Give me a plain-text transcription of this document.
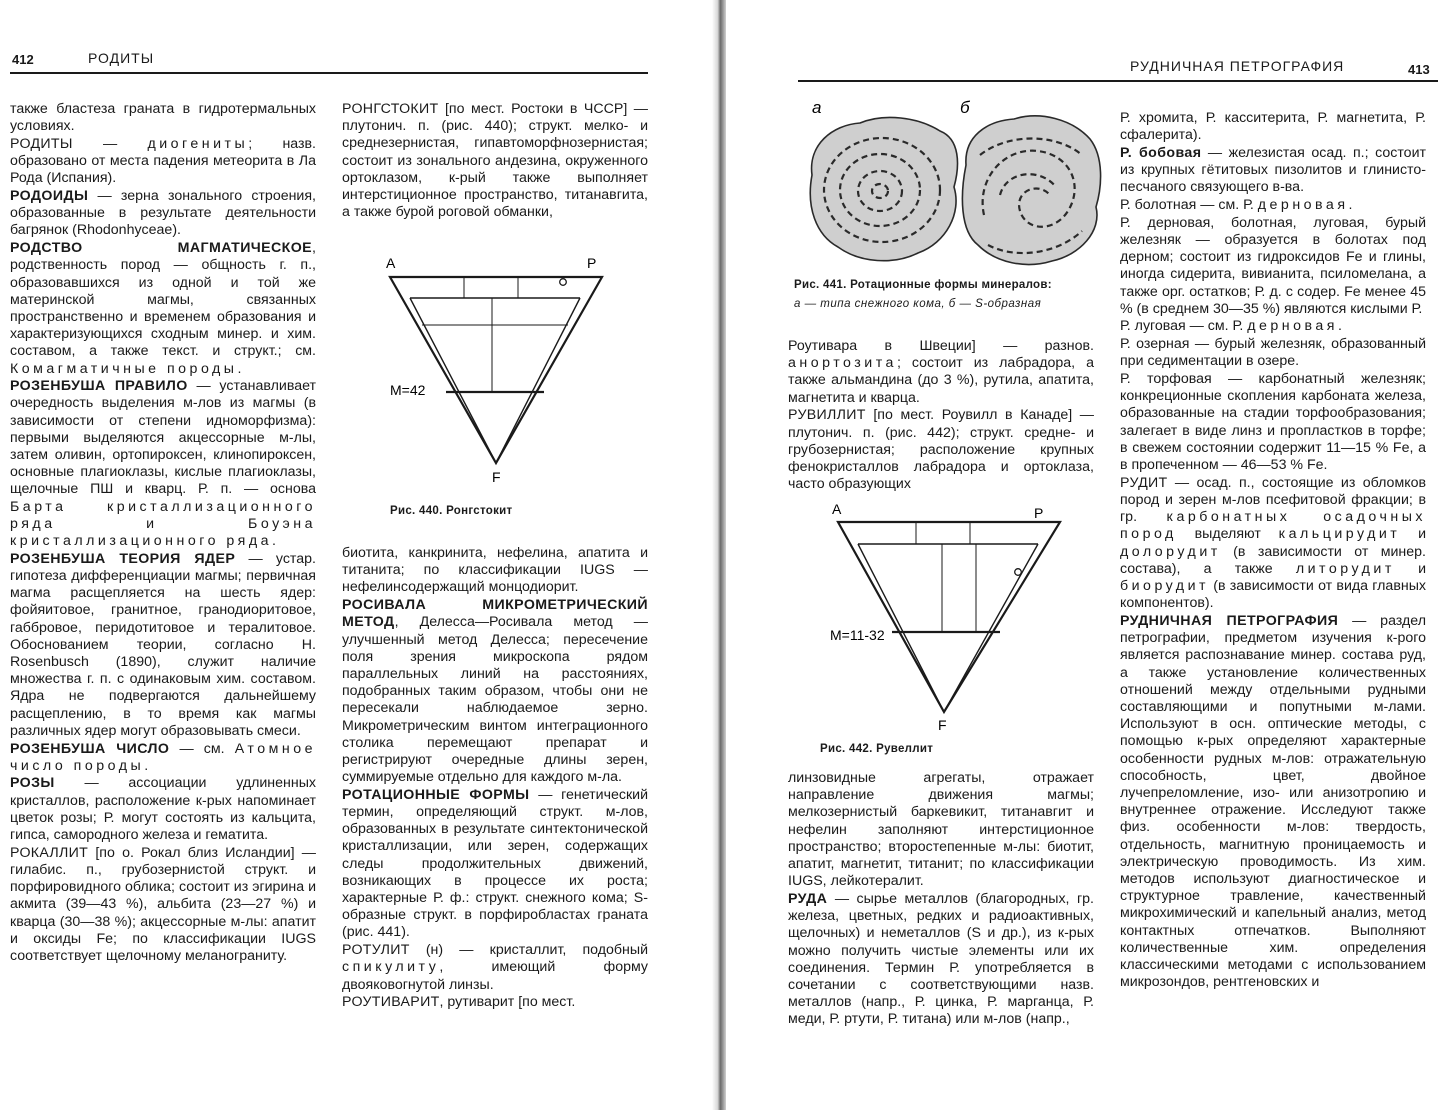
412	РОДИТЫ

также бластеза граната в гидротермальных условиях.

РОДИТЫ — диогениты; назв. образовано от места падения метеорита в Ла Рода (Испания).

РОДОИДЫ — зерна зонального строения, образованные в результате деятельности багрянок (Rhodonhyceae).

РОДСТВО МАГМАТИЧЕСКОЕ, родственность пород — общность г. п., образовавшихся из одной и той же материнской магмы, связанных пространственно и временем образования и характеризующихся сходным минер. и хим. составом, а также текст. и структ.; см. Комагматичные породы.

РОЗЕНБУША ПРАВИЛО — устанавливает очередность выделения м-лов из магмы (в зависимости от степени идноморфизма): первыми выделяются акцессорные м-лы, затем оливин, ортопироксен, клинопироксен, основные плагиоклазы, кислые плагиоклазы, щелочные ПШ и кварц. Р. п. — основа Барта кристаллизационного ряда и Боуэна кристаллизационного ряда.

РОЗЕНБУША ТЕОРИЯ ЯДЕР — устар. гипотеза дифференциации магмы; первичная магма расщепляется на шесть ядер: фойяитовое, гранитное, гранодиоритовое, габбровое, перидотитовое и тералитовое. Обоснованием теории, согласно H. Rosenbusch (1890), служит наличие множества г. п. с одинаковым хим. составом. Ядра не подвергаются дальнейшему расщеплению, в то время как магмы различных ядер могут образовывать смеси.

РОЗЕНБУША ЧИСЛО — см. Атомное число породы.

РОЗЫ — ассоциации удлиненных кристаллов, расположение к-рых напоминает цветок розы; Р. могут состоять из кальцита, гипса, самородного железа и гематита.

РОКАЛЛИТ [по о. Рокал близ Исландии] — гилабис. п., грубозернистой структ. и порфировидного облика; состоит из эгирина и акмита (39—43 %), альбита (23—27 %) и кварца (30—38 %); акцессорные м-лы: апатит и оксиды Fe; по классификации IUGS соответствует щелочному меланограниту.

РОНГСТОКИТ [по мест. Ростоки в ЧССР] — плутонич. п. (рис. 440); структ. мелко- и среднезернистая, гипавтоморфнозернистая; состоит из зонального андезина, окруженного ортоклазом, к-рый также выполняет интерстиционное пространство, титанавгита, а также бурой роговой обманки,

A	P
M=42
F
Рис. 440. Ронгстокит

биотита, канкринита, нефелина, апатита и титанита; по классификации IUGS — нефелинсодержащий монцодиорит.

РОСИВАЛА МИКРОМЕТРИЧЕСКИЙ МЕТОД, Делесса—Росивала метод — улучшенный метод Делесса; пересечение поля зрения микроскопа рядом параллельных линий на расстояниях, подобранных таким образом, чтобы они не пересекали наблюдаемое зерно. Микрометрическим винтом интеграционного столика перемещают препарат и регистрируют очередные длины зерен, суммируемые отдельно для каждого м-ла.

РОТАЦИОННЫЕ ФОРМЫ — генетический термин, определяющий структ. м-лов, образованных в результате синтектонической кристаллизации, или зерен, содержащих следы продолжительных движений, возникающих в процессе их роста; характерные Р. ф.: структ. снежного кома; S-образные структ. в порфиробластах граната (рис. 441).

РОТУЛИТ (н) — кристаллит, подобный спикулиту, имеющий форму двояковогнутой линзы.

РОУТИВАРИТ, рутиварит [по мест.

РУДНИЧНАЯ ПЕТРОГРАФИЯ	413
а	б
Рис. 441. Ротационные формы минералов:
а — типа снежного кома, б — S-образная

Роутивара в Швеции] — разнов. анортозита; состоит из лабрадора, а также альмандина (до 3 %), рутила, апатита, магнетита и кварца.

РУВИЛЛИТ [по мест. Роувилл в Канаде] — плутонич. п. (рис. 442); структ. средне- и грубозернистая; расположение крупных фенокристаллов лабрадора и ортоклаза, часто образующих

A	P
M=11-32
F
Рис. 442. Рувеллит

линзовидные агрегаты, отражает направление движения магмы; мелкозернистый баркевикит, титанавгит и нефелин заполняют интерстиционное пространство; второстепенные м-лы: биотит, апатит, магнетит, титанит; по классификации IUGS, лейкотералит.

РУДА — сырье металлов (благородных, гр. железа, цветных, редких и радиоактивных, щелочных) и неметаллов (S и др.), из к-рых можно получить чистые элементы или их соединения. Термин Р. употребляется в сочетании с соответствующими назв. металлов (напр., Р. цинка, Р. марганца, Р. меди, Р. ртути, Р. титана) или м-лов (напр.,

Р. хромита, Р. касситерита, Р. магнетита, Р. сфалерита).

Р. бобовая — железистая осад. п.; состоит из крупных гётитовых пизолитов и глинисто-песчаного связующего в-ва.

Р. болотная — см. Р. дерновая.

Р. дерновая, болотная, луговая, бурый железняк — образуется в болотах под дерном; состоит из гидроксидов Fe и глины, иногда сидерита, вивианита, псиломелана, а также орг. остатков; Р. д. с содер. Fe менее 45 % (в среднем 30—35 %) являются кислыми Р.

Р. луговая — см. Р. дерновая.

Р. озерная — бурый железняк, образованный при седиментации в озере.

Р. торфовая — карбонатный железняк; конкреционные скопления карбоната железа, образованные на стадии торфообразования; залегает в виде линз и пропластков в торфе; в свежем состоянии содержит 11—15 % Fe, а в пропеченном — 46—53 % Fe.

РУДИТ — осад. п., состоящие из обломков пород и зерен м-лов псефитовой фракции; в гр. карбонатных осадочных пород выделяют кальцирудит и долорудит (в зависимости от минер. состава), а также литорудит и биорудит (в зависимости от вида главных компонентов).

РУДНИЧНАЯ ПЕТРОГРАФИЯ — раздел петрографии, предметом изучения к-рого является распознавание минер. состава руд, а также установление количественных отношений между отдельными рудными составляющими и попутными м-лами. Используют в осн. оптические методы, с помощью к-рых определяют характерные особенности рудных м-лов: отражательную способность, цвет, двойное лучепреломление, изо- или анизотропию и внутреннее отражение. Исследуют также физ. особенности м-лов: твердость, отдельность, магнитную проницаемость и электрическую проводимость. Из хим. методов используют диагностическое и структурное травление, качественный микрохимический и капельный анализ, метод контактных отпечатков. Выполняют количественные хим. определения классическими методами с использованием микрозондов, рентгеновских и
